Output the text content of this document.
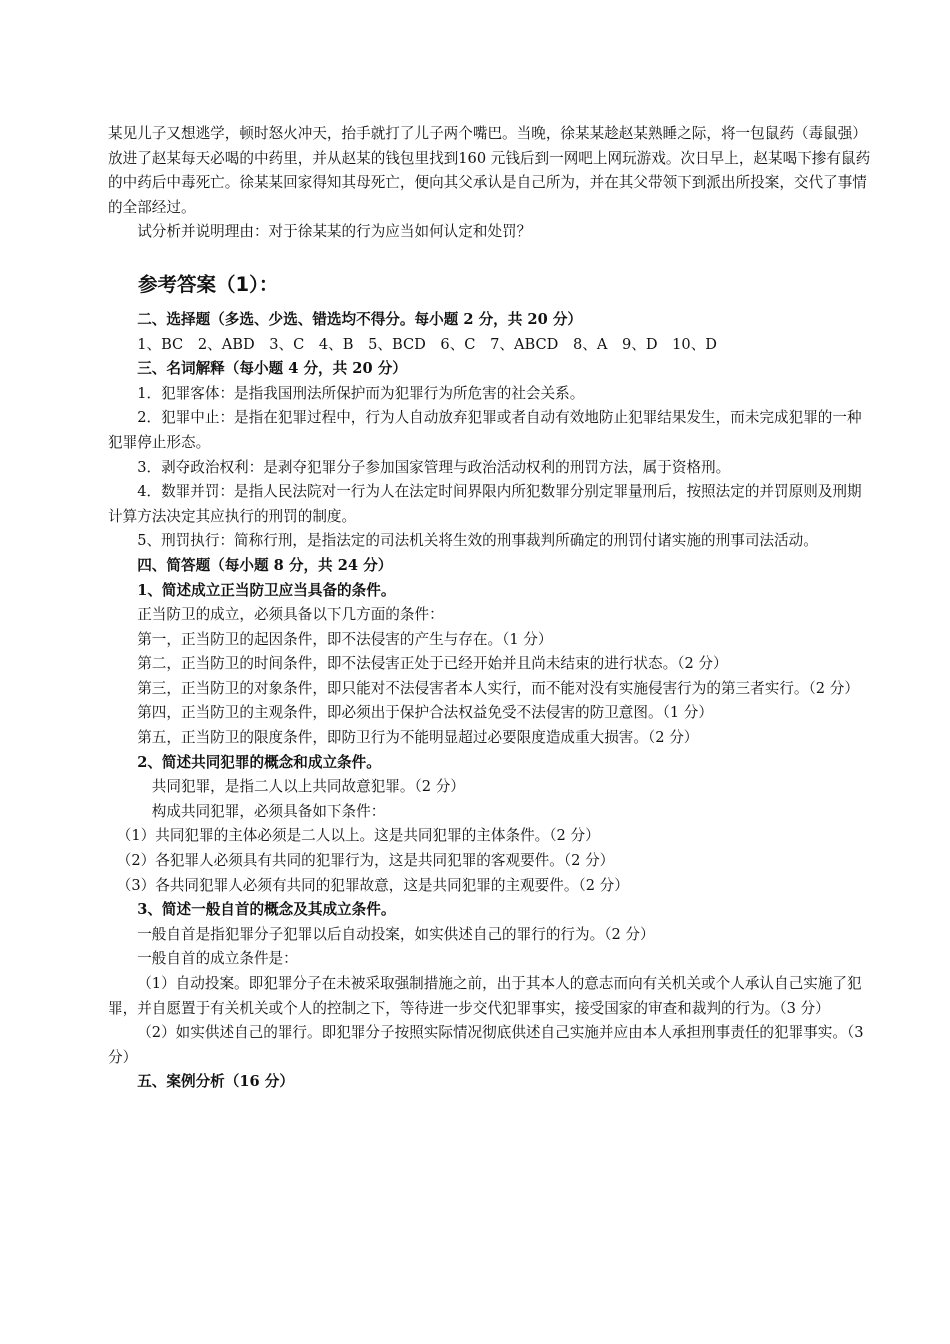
某见儿子又想逃学，顿时怒火冲天，抬手就打了儿子两个嘴巴。当晚，徐某某趁赵某熟睡之际，将一包鼠药（毒鼠强）放进了赵某每天必喝的中药里，并从赵某的钱包里找到160 元钱后到一网吧上网玩游戏。次日早上，赵某喝下掺有鼠药的中药后中毒死亡。徐某某回家得知其母死亡，便向其父承认是自己所为，并在其父带领下到派出所投案，交代了事情的全部经过。

试分析并说明理由：对于徐某某的行为应当如何认定和处罚？

参考答案（1）：

二、选择题（多选、少选、错选均不得分。每小题 2 分，共 20 分）

1、BC　2、ABD　3、C　4、B　5、BCD　6、C　7、ABCD　8、A　9、D　10、D

三、名词解释（每小题 4 分，共 20 分）

1．犯罪客体：是指我国刑法所保护而为犯罪行为所危害的社会关系。

2．犯罪中止：是指在犯罪过程中，行为人自动放弃犯罪或者自动有效地防止犯罪结果发生，而未完成犯罪的一种犯罪停止形态。

3．剥夺政治权利：是剥夺犯罪分子参加国家管理与政治活动权利的刑罚方法，属于资格刑。

4．数罪并罚：是指人民法院对一行为人在法定时间界限内所犯数罪分别定罪量刑后，按照法定的并罚原则及刑期计算方法决定其应执行的刑罚的制度。

5、刑罚执行：简称行刑，是指法定的司法机关将生效的刑事裁判所确定的刑罚付诸实施的刑事司法活动。

四、简答题（每小题 8 分，共 24 分）

1、简述成立正当防卫应当具备的条件。

正当防卫的成立，必须具备以下几方面的条件：

第一，正当防卫的起因条件，即不法侵害的产生与存在。（1 分）

第二，正当防卫的时间条件，即不法侵害正处于已经开始并且尚未结束的进行状态。（2 分）

第三，正当防卫的对象条件，即只能对不法侵害者本人实行，而不能对没有实施侵害行为的第三者实行。（2 分）

第四，正当防卫的主观条件，即必须出于保护合法权益免受不法侵害的防卫意图。（1 分）

第五，正当防卫的限度条件，即防卫行为不能明显超过必要限度造成重大损害。（2 分）

2、简述共同犯罪的概念和成立条件。

共同犯罪，是指二人以上共同故意犯罪。（2 分）

构成共同犯罪，必须具备如下条件：

（1）共同犯罪的主体必须是二人以上。这是共同犯罪的主体条件。（2 分）

（2）各犯罪人必须具有共同的犯罪行为，这是共同犯罪的客观要件。（2 分）

（3）各共同犯罪人必须有共同的犯罪故意，这是共同犯罪的主观要件。（2 分）

3、简述一般自首的概念及其成立条件。

一般自首是指犯罪分子犯罪以后自动投案，如实供述自己的罪行的行为。（2 分）

一般自首的成立条件是：

（1）自动投案。即犯罪分子在未被采取强制措施之前，出于其本人的意志而向有关机关或个人承认自己实施了犯罪，并自愿置于有关机关或个人的控制之下，等待进一步交代犯罪事实，接受国家的审查和裁判的行为。（3 分）

（2）如实供述自己的罪行。即犯罪分子按照实际情况彻底供述自己实施并应由本人承担刑事责任的犯罪事实。（3 分）

五、案例分析（16 分）
